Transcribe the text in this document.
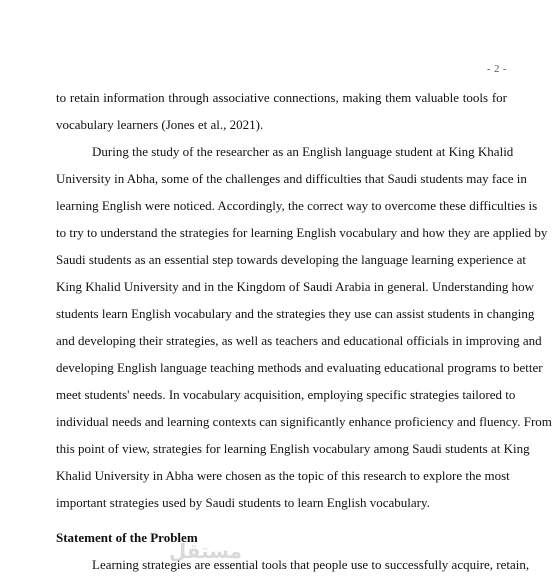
- 2 -
to retain information through associative connections, making them valuable tools for
vocabulary learners (Jones et al., 2021).
During the study of the researcher as an English language student at King Khalid
University in Abha, some of the challenges and difficulties that Saudi students may face in
learning English were noticed. Accordingly, the correct way to overcome these difficulties is
to try to understand the strategies for learning English vocabulary and how they are applied by
Saudi students as an essential step towards developing the language learning experience at
King Khalid University and in the Kingdom of Saudi Arabia in general. Understanding how
students learn English vocabulary and the strategies they use can assist students in changing
and developing their strategies, as well as teachers and educational officials in improving and
developing English language teaching methods and evaluating educational programs to better
meet students' needs. In vocabulary acquisition, employing specific strategies tailored to
individual needs and learning contexts can significantly enhance proficiency and fluency. From
this point of view, strategies for learning English vocabulary among Saudi students at King
Khalid University in Abha were chosen as the topic of this research to explore the most
important strategies used by Saudi students to learn English vocabulary.
Statement of the Problem
مستقل
Learning strategies are essential tools that people use to successfully acquire, retain,
